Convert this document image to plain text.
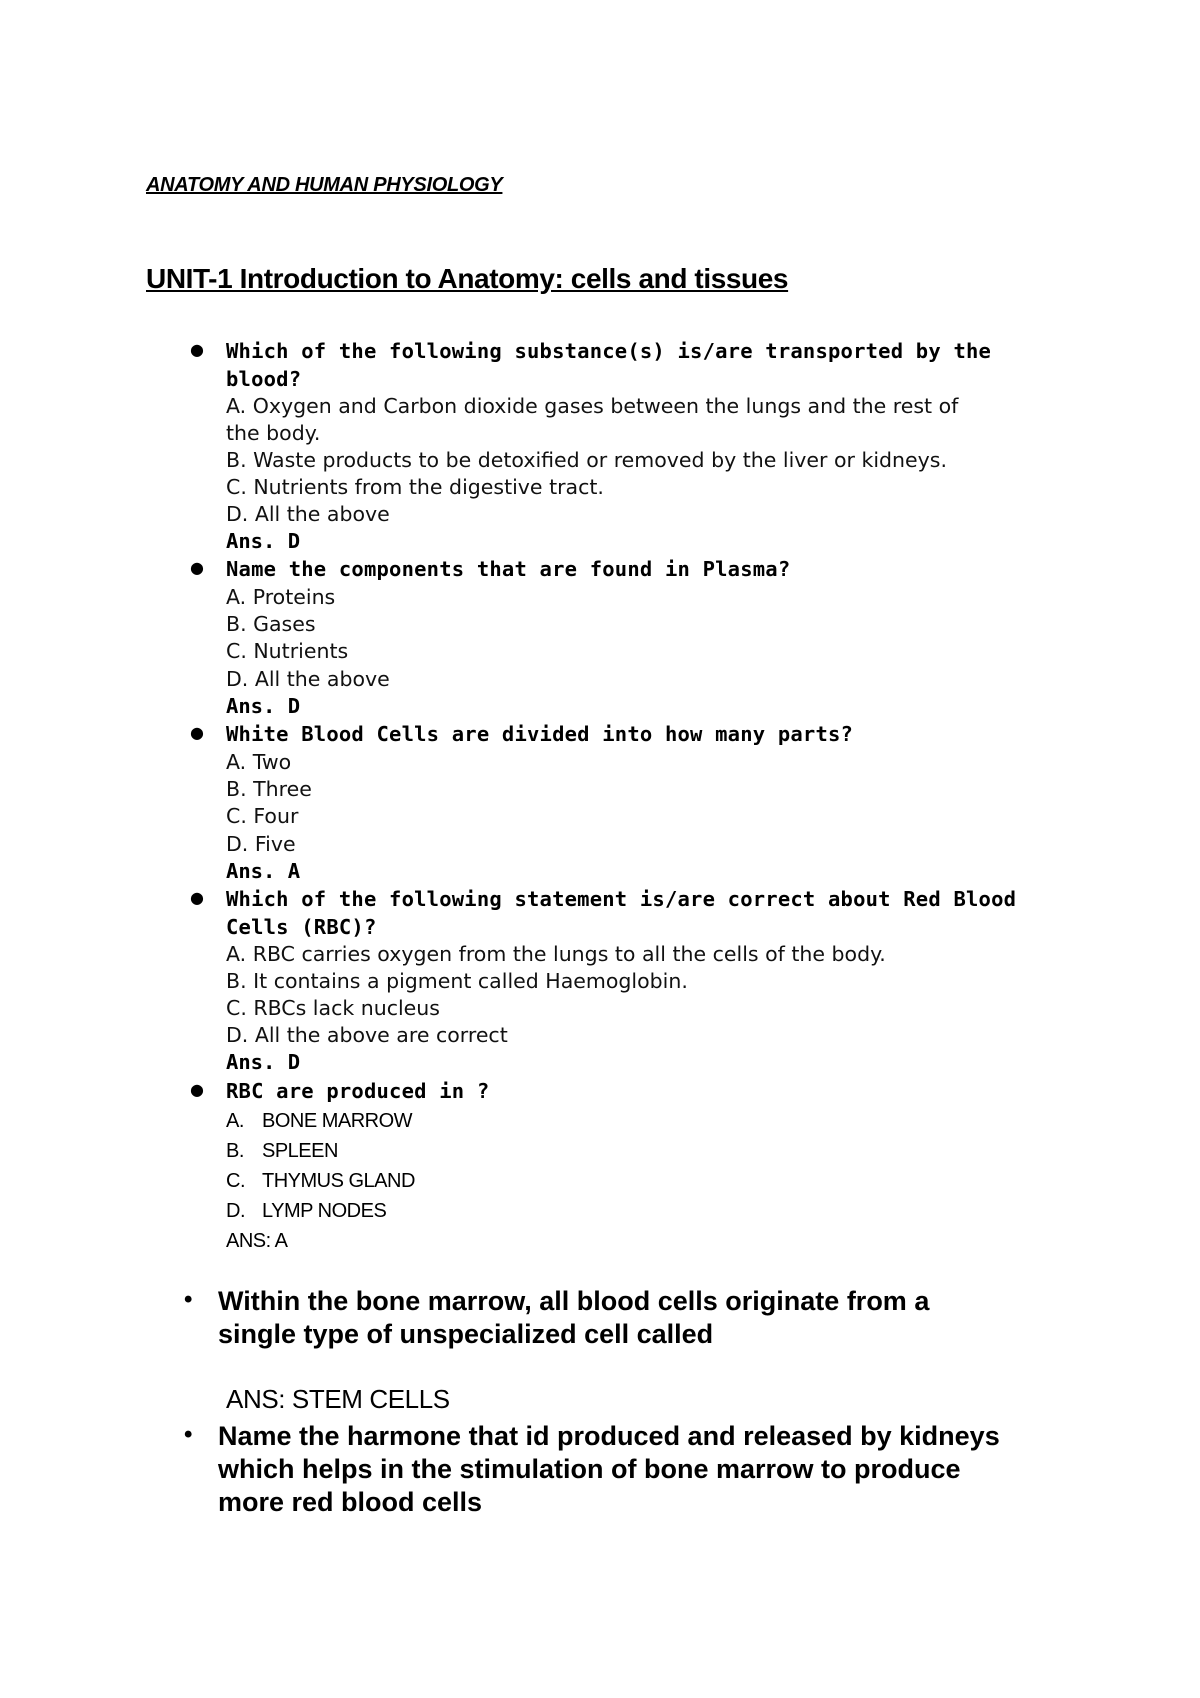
ANATOMY AND HUMAN PHYSIOLOGY
UNIT-1 Introduction to Anatomy: cells and tissues
● Which of the following substance(s) is/are transported by the
blood?
A. Oxygen and Carbon dioxide gases between the lungs and the rest of
the body.
B. Waste products to be detoxified or removed by the liver or kidneys.
C. Nutrients from the digestive tract.
D. All the above
Ans. D
● Name the components that are found in Plasma?
A. Proteins
B. Gases
C. Nutrients
D. All the above
Ans. D
● White Blood Cells are divided into how many parts?
A. Two
B. Three
C. Four
D. Five
Ans. A
● Which of the following statement is/are correct about Red Blood
Cells (RBC)?
A. RBC carries oxygen from the lungs to all the cells of the body.
B. It contains a pigment called Haemoglobin.
C. RBCs lack nucleus
D. All the above are correct
Ans. D
● RBC are produced in ?
A. BONE MARROW
B. SPLEEN
C. THYMUS GLAND
D. LYMP NODES
ANS: A
• Within the bone marrow, all blood cells originate from a
single type of unspecialized cell called
ANS: STEM CELLS
• Name the harmone that id produced and released by kidneys
which helps in the stimulation of bone marrow to produce
more red blood cells
